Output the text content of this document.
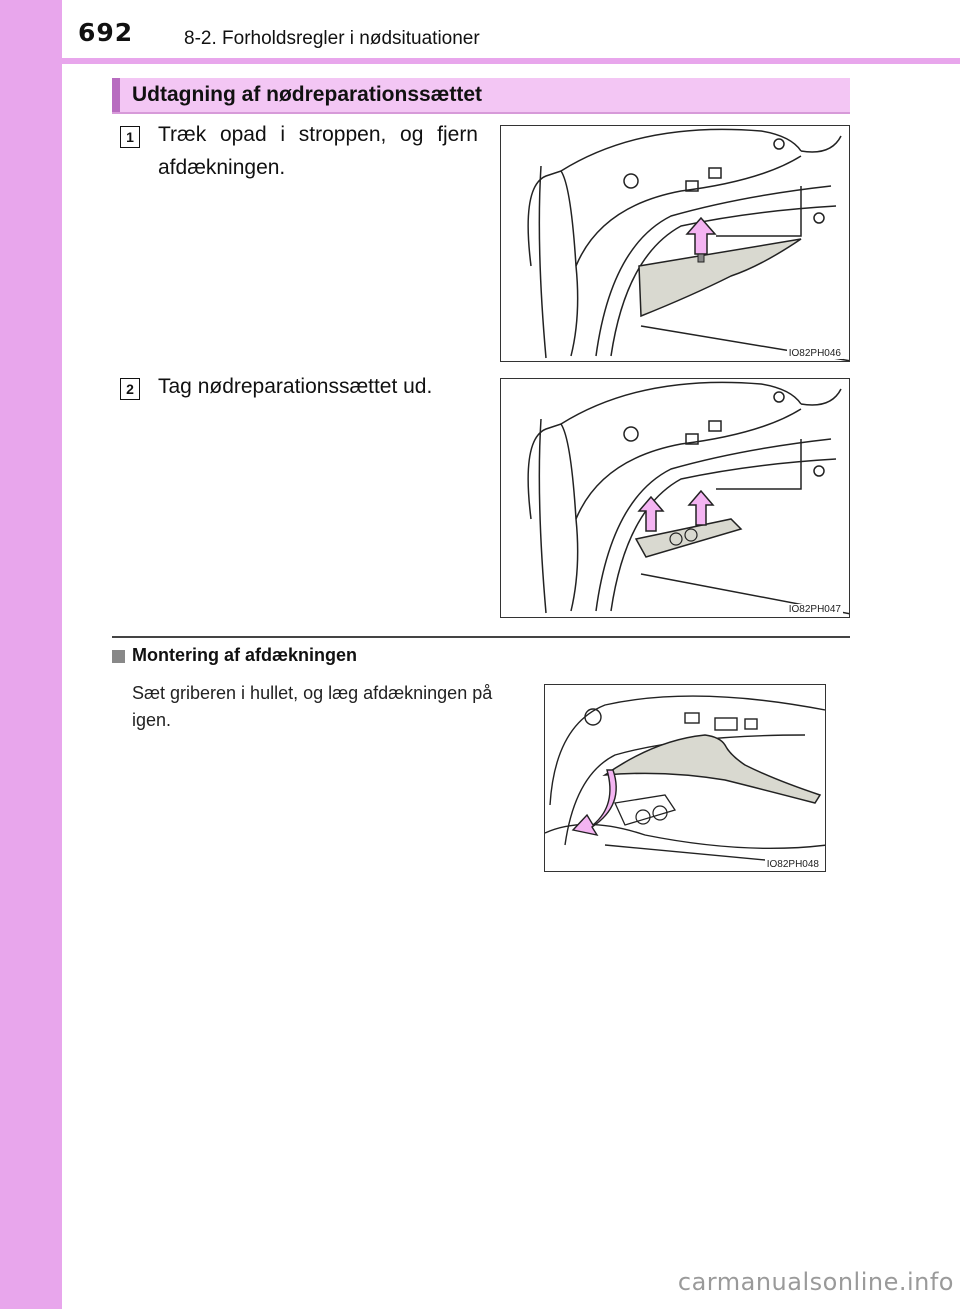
692	8-2. Forholdsregler i nødsituationer
Udtagning af nødreparationssættet
1 Træk opad i stroppen, og fjern afdækningen.
IO82PH046
2 Tag nødreparationssættet ud.
IO82PH047
Montering af afdækningen
Sæt griberen i hullet, og læg afdækningen på igen.
IO82PH048
carmanualsonline.info
